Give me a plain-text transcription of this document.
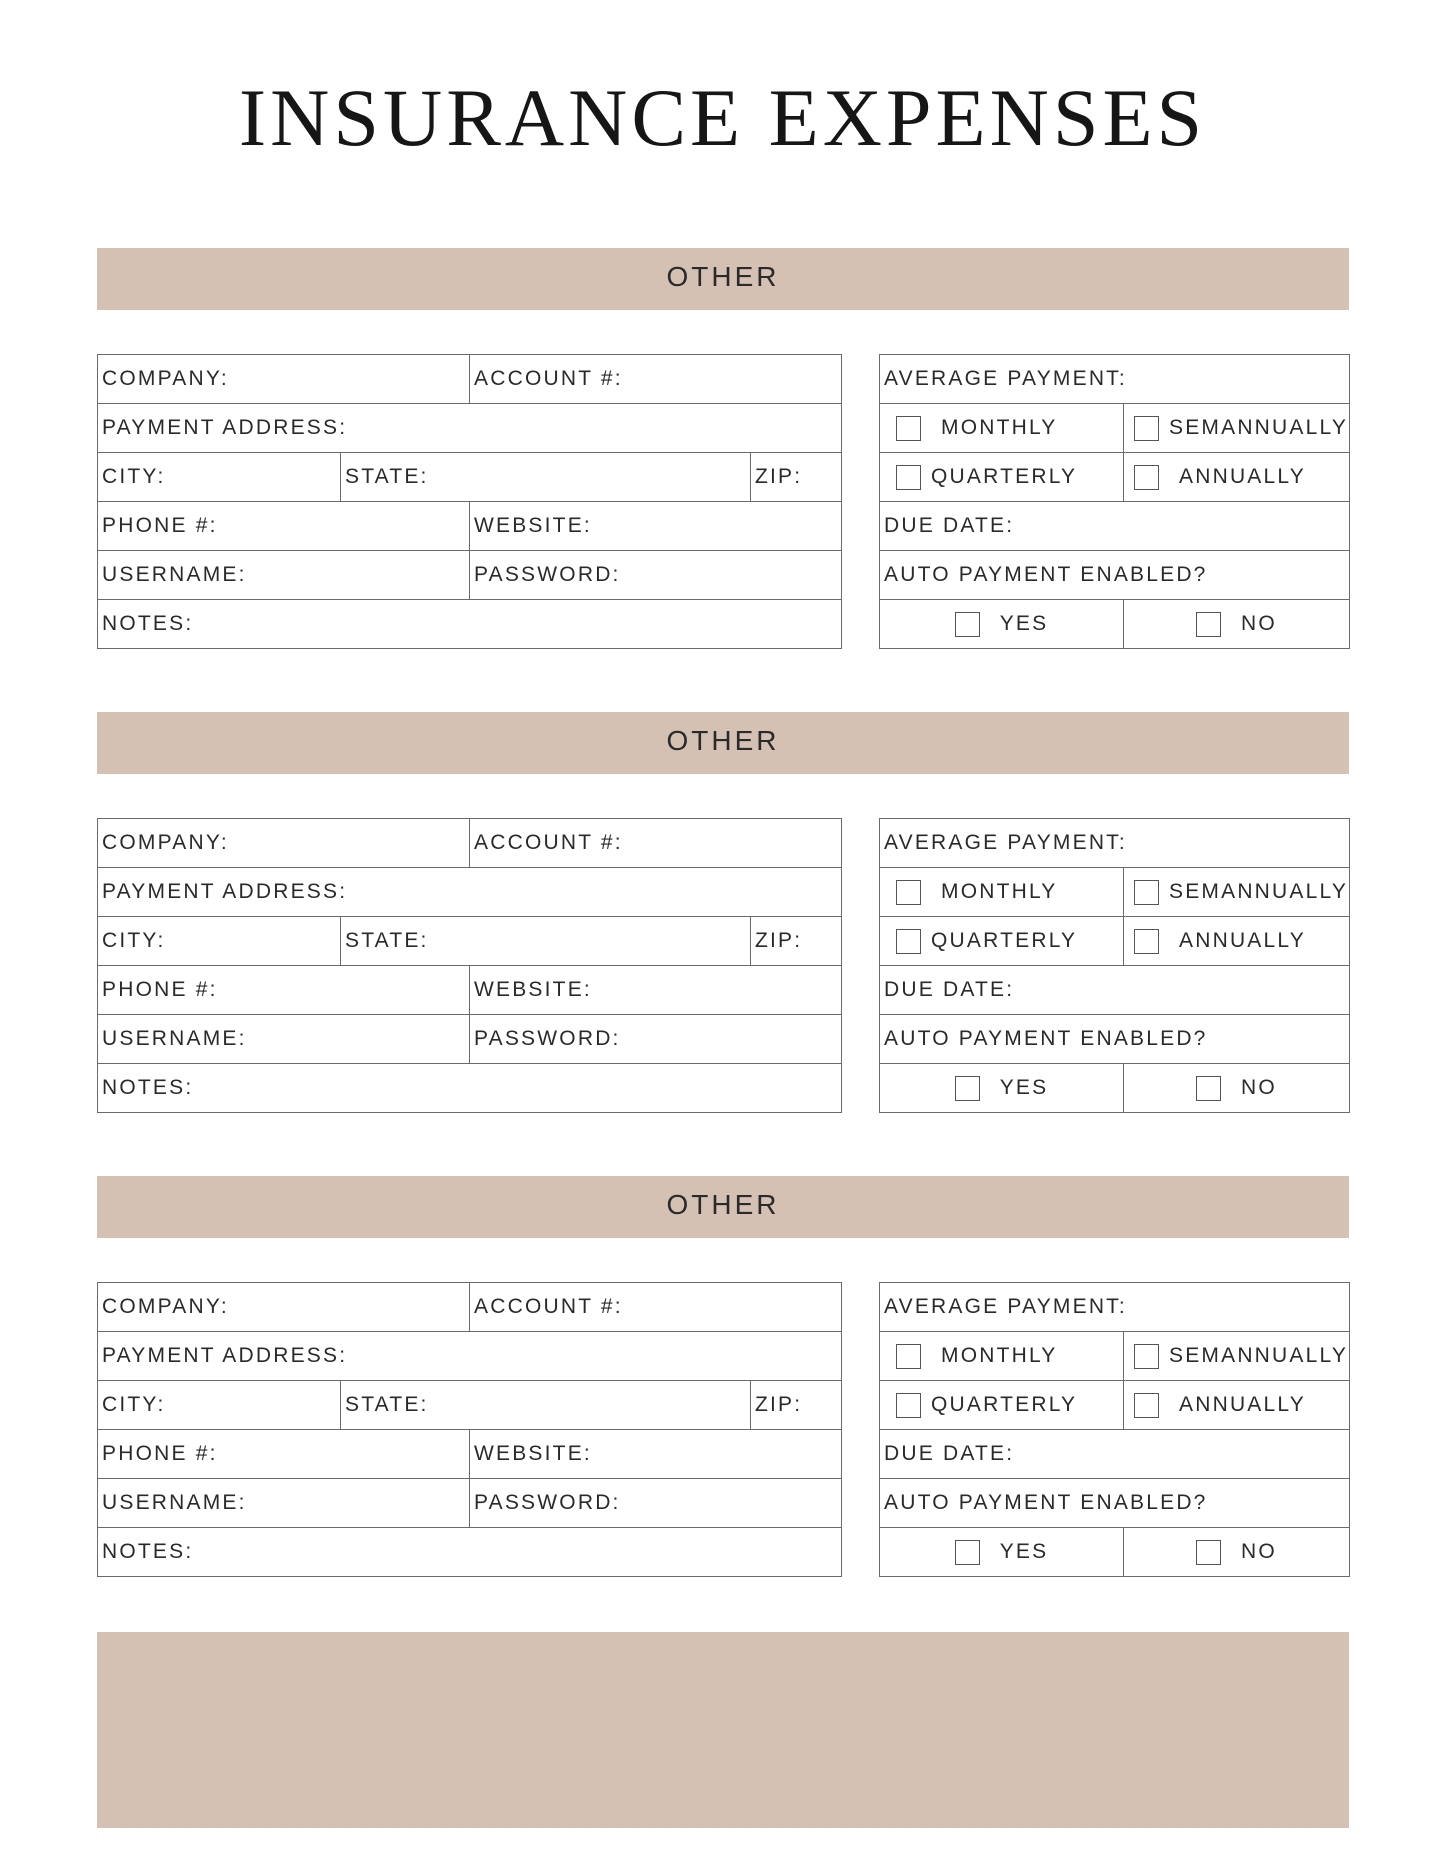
INSURANCE EXPENSES
OTHER
COMPANY:		ACCOUNT #:	
PAYMENT ADDRESS:			
CITY:	STATE:		ZIP:
PHONE #:		WEBSITE:	
USERNAME:		PASSWORD:	
NOTES:			
AVERAGE PAYMENT:	

MONTHLY	SEMANNUALLY

QUARTERLY	ANNUALLY

DUE DATE:	
AUTO PAYMENT ENABLED?	

YES	NO
OTHER
COMPANY:		ACCOUNT #:	
PAYMENT ADDRESS:			
CITY:	STATE:		ZIP:
PHONE #:		WEBSITE:	
USERNAME:		PASSWORD:	
NOTES:			
AVERAGE PAYMENT:	

MONTHLY	SEMANNUALLY

QUARTERLY	ANNUALLY

DUE DATE:	
AUTO PAYMENT ENABLED?	

YES	NO
OTHER
COMPANY:		ACCOUNT #:	
PAYMENT ADDRESS:			
CITY:	STATE:		ZIP:
PHONE #:		WEBSITE:	
USERNAME:		PASSWORD:	
NOTES:			
AVERAGE PAYMENT:	

MONTHLY	SEMANNUALLY

QUARTERLY	ANNUALLY

DUE DATE:	
AUTO PAYMENT ENABLED?	

YES	NO
